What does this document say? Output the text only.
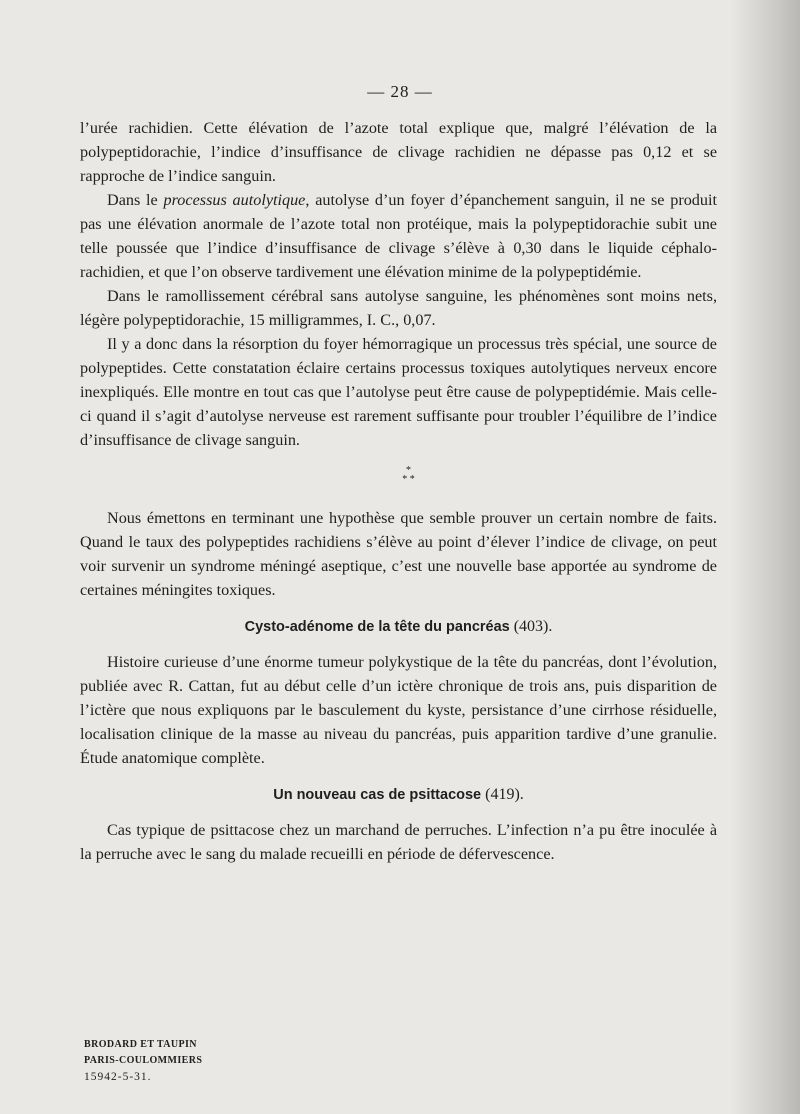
— 28 —

l’urée rachidien. Cette élévation de l’azote total explique que, malgré l’élévation de la polypeptidorachie, l’indice d’insuffisance de clivage rachidien ne dépasse pas 0,12 et se rapproche de l’indice sanguin.

Dans le processus autolytique, autolyse d’un foyer d’épanchement sanguin, il ne se produit pas une élévation anormale de l’azote total non protéique, mais la polypeptidorachie subit une telle poussée que l’indice d’insuffisance de clivage s’élève à 0,30 dans le liquide céphalo-rachidien, et que l’on observe tardivement une élévation minime de la polypeptidémie.

Dans le ramollissement cérébral sans autolyse sanguine, les phénomènes sont moins nets, légère polypeptidorachie, 15 milligrammes, I. C., 0,07.

Il y a donc dans la résorption du foyer hémorragique un processus très spécial, une source de polypeptides. Cette constatation éclaire certains processus toxiques autolytiques nerveux encore inexpliqués. Elle montre en tout cas que l’autolyse peut être cause de polypeptidémie. Mais celle-ci quand il s’agit d’autolyse nerveuse est rarement suffisante pour troubler l’équilibre de l’indice d’insuffisance de clivage sanguin.

*
* *

Nous émettons en terminant une hypothèse que semble prouver un certain nombre de faits. Quand le taux des polypeptides rachidiens s’élève au point d’élever l’indice de clivage, on peut voir survenir un syndrome méningé aseptique, c’est une nouvelle base apportée au syndrome de certaines méningites toxiques.

Cysto-adénome de la tête du pancréas (403).

Histoire curieuse d’une énorme tumeur polykystique de la tête du pancréas, dont l’évolution, publiée avec R. Cattan, fut au début celle d’un ictère chronique de trois ans, puis disparition de l’ictère que nous expliquons par le basculement du kyste, persistance d’une cirrhose résiduelle, localisation clinique de la masse au niveau du pancréas, puis apparition tardive d’une granulie. Étude anatomique complète.

Un nouveau cas de psittacose (419).

Cas typique de psittacose chez un marchand de perruches. L’infection n’a pu être inoculée à la perruche avec le sang du malade recueilli en période de défervescence.

BRODARD ET TAUPIN
PARIS-COULOMMIERS
15942-5-31.
